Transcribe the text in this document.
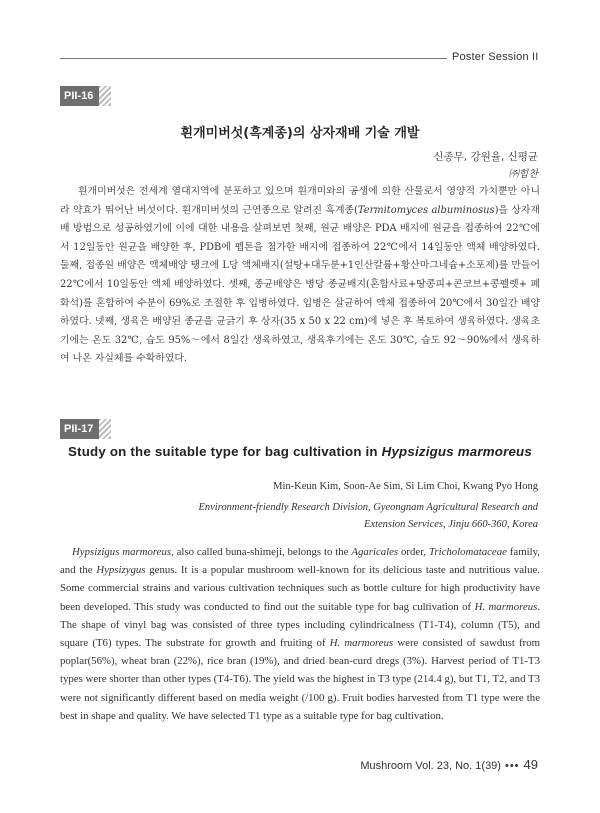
Poster Session II
PII-16
흰개미버섯(흑계종)의 상자재배 기술 개발
신종무, 강원율, 신평균
㈜힘찬

흰개미버섯은 전세계 열대지역에 분포하고 있으며 흰개미와의 공생에 의한 산물로서 영양적 가치뿐만 아니라 약효가 뛰어난 버섯이다. 흰개미버섯의 근연종으로 알려진 흑계종(Termitomyces albuminosus)을 상자재배 방법으로 성공하였기에 이에 대한 내용을 살펴보면 첫째, 원균 배양은 PDA 배지에 원균을 접종하여 22℃에서 12일동안 원균을 배양한 후, PDB에 펩톤을 첨가한 배지에 접종하여 22℃에서 14일동안 액체 배양하였다. 둘째, 접종원 배양은 액체배양 탱크에 L당 액체배지(설탕+대두분+1인산칼륨+황산마그네슘+소포제)를 만들어 22℃에서 10일동안 액체 배양하였다. 셋째, 종균배양은 병당 종균배지(혼합사료+땅콩피+콘코브+콩펠렛+ 폐화석)를 혼합하여 수분이 69%로 조절한 후 입병하였다. 입병은 살균하여 액체 접종하여 20℃에서 30일간 배양하였다. 넷째, 생육은 배양된 종균을 균긁기 후 상자(35 x 50 x 22 cm)에 넣은 후 복토하여 생육하였다. 생육초기에는 온도 32℃, 습도 95%～에서 8일간 생육하였고, 생육후기에는 온도 30℃, 습도 92～90%에서 생육하여 나온 자실체를 수확하였다.

PII-17
Study on the suitable type for bag cultivation in Hypsizigus marmoreus
Min-Keun Kim, Soon-Ae Sim, Si Lim Choi, Kwang Pyo Hong
Environment-friendly Research Division, Gyeongnam Agricultural Research and
Extension Services, Jinju 660-360, Korea

Hypsizigus marmoreus, also called buna-shimeji, belongs to the Agaricales order, Tricholomataceae family, and the Hypsizygus genus. It is a popular mushroom well-known for its delicious taste and nutritious value. Some commercial strains and various cultivation techniques such as bottle culture for high productivity have been developed. This study was conducted to find out the suitable type for bag cultivation of H. marmoreus. The shape of vinyl bag was consisted of three types including cylindricalness (T1-T4), column (T5), and square (T6) types. The substrate for growth and fruiting of H. marmoreus were consisted of sawdust from poplar(56%), wheat bran (22%), rice bran (19%), and dried bean-curd dregs (3%). Harvest period of T1-T3 types were shorter than other types (T4-T6). The yield was the highest in T3 type (214.4 g), but T1, T2, and T3 were not significantly different based on media weight (/100 g). Fruit bodies harvested from T1 type were the best in shape and quality. We have selected T1 type as a suitable type for bag cultivation.

Mushroom Vol. 23, No. 1(39) ••• 49
